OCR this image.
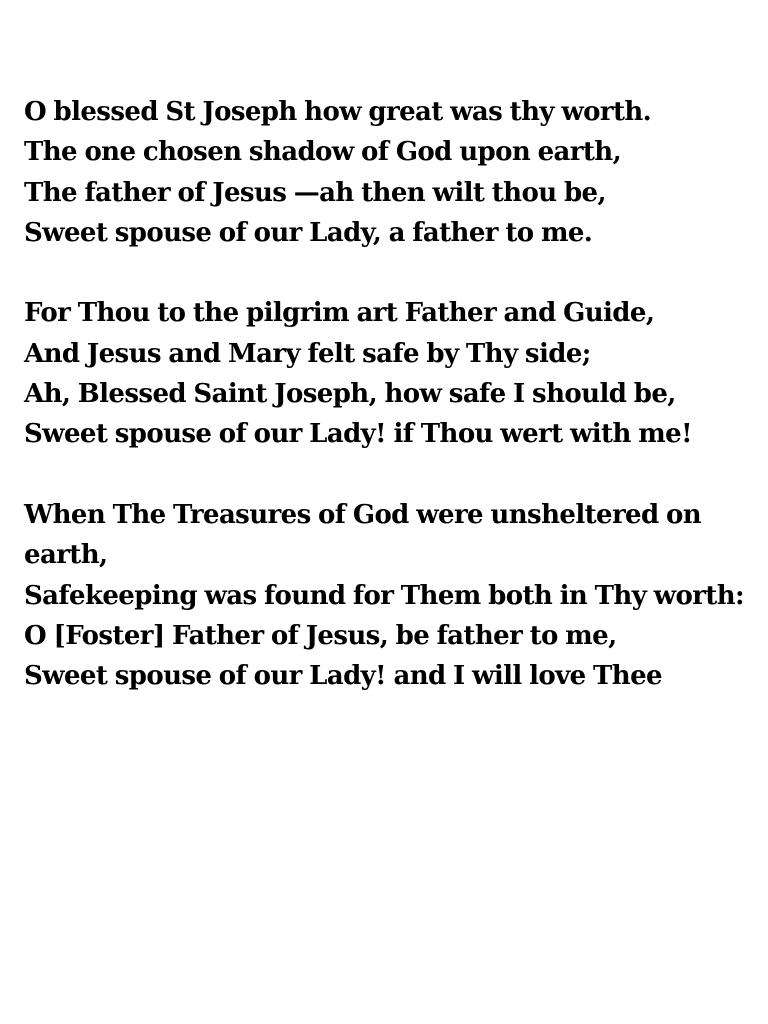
O blessed St Joseph how great was thy worth.
The one chosen shadow of God upon earth,
The father of Jesus —ah then wilt thou be,
Sweet spouse of our Lady, a father to me.
For Thou to the pilgrim art Father and Guide,
And Jesus and Mary felt safe by Thy side;
Ah, Blessed Saint Joseph, how safe I should be,
Sweet spouse of our Lady! if Thou wert with me!
When The Treasures of God were unsheltered on earth,
Safekeeping was found for Them both in Thy worth:
O [Foster] Father of Jesus, be father to me,
Sweet spouse of our Lady! and I will love Thee
